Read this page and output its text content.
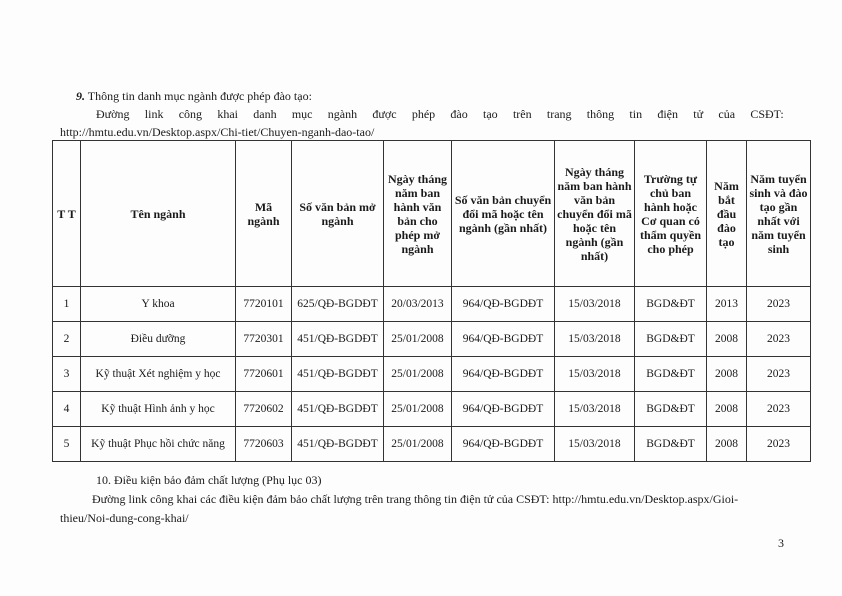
9. Thông tin danh mục ngành được phép đào tạo:
Đường link công khai danh mục ngành được phép đào tạo trên trang thông tin điện tử của CSĐT:
http://hmtu.edu.vn/Desktop.aspx/Chi-tiet/Chuyen-nganh-dao-tao/
T T	Tên ngành	Mã ngành	Số văn bản mở ngành	Ngày tháng năm ban hành văn bản cho phép mở ngành	Số văn bản chuyển đổi mã hoặc tên ngành (gần nhất)	Ngày tháng năm ban hành văn bản chuyển đổi mã hoặc tên ngành (gần nhất)	Trường tự chủ ban hành hoặc Cơ quan có thẩm quyền cho phép	Năm bắt đầu đào tạo	Năm tuyển sinh và đào tạo gần nhất với năm tuyển sinh
1	Y khoa	7720101	625/QĐ-BGDĐT	20/03/2013	964/QĐ-BGDĐT	15/03/2018	BGD&ĐT	2013	2023
2	Điều dưỡng	7720301	451/QĐ-BGDĐT	25/01/2008	964/QĐ-BGDĐT	15/03/2018	BGD&ĐT	2008	2023
3	Kỹ thuật Xét nghiệm y học	7720601	451/QĐ-BGDĐT	25/01/2008	964/QĐ-BGDĐT	15/03/2018	BGD&ĐT	2008	2023
4	Kỹ thuật Hình ảnh y học	7720602	451/QĐ-BGDĐT	25/01/2008	964/QĐ-BGDĐT	15/03/2018	BGD&ĐT	2008	2023
5	Kỹ thuật Phục hồi chức năng	7720603	451/QĐ-BGDĐT	25/01/2008	964/QĐ-BGDĐT	15/03/2018	BGD&ĐT	2008	2023
10. Điều kiện bảo đảm chất lượng (Phụ lục 03)
Đường link công khai các điều kiện đảm bảo chất lượng trên trang thông tin điện tử của CSĐT: http://hmtu.edu.vn/Desktop.aspx/Gioi-
thieu/Noi-dung-cong-khai/
3
